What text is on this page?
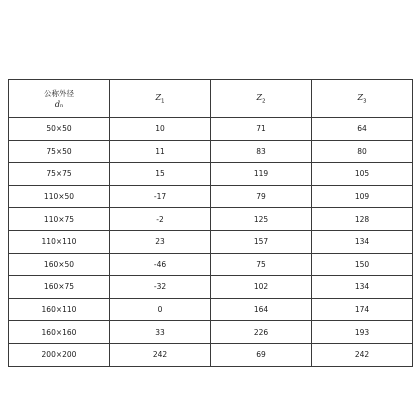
公称外径
dₙ	$Z_1$	$Z_2$	$Z_3$
50×50	10	71	64
75×50	11	83	80
75×75	15	119	105
110×50	-17	79	109
110×75	-2	125	128
110×110	23	157	134
160×50	-46	75	150
160×75	-32	102	134
160×110	0	164	174
160×160	33	226	193
200×200	242	69	242
